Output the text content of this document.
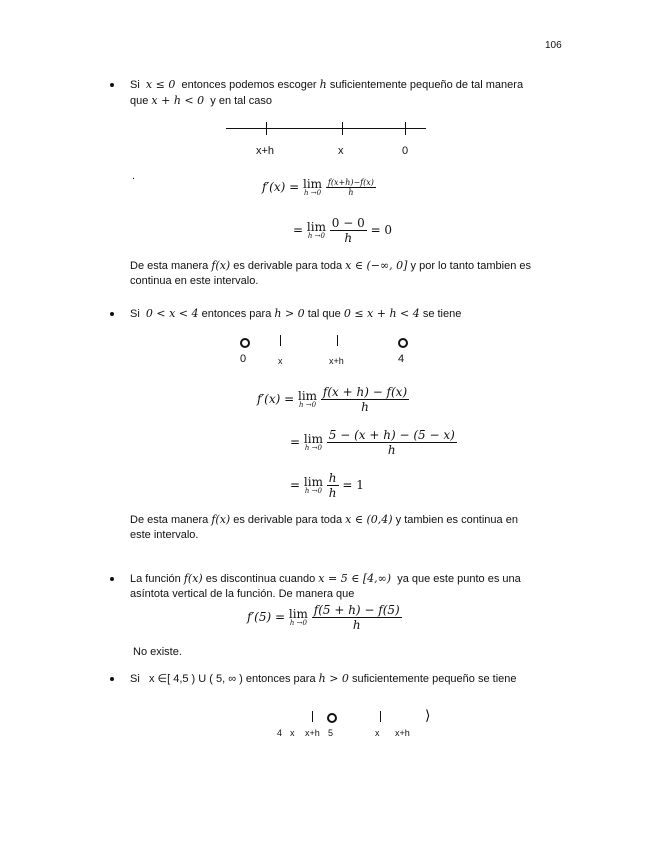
106
Si x ≤ 0 entonces podemos escoger h suficientemente pequeño de tal manera
que x + h < 0 y en tal caso
x+h	x	0
.
f′(x) = lim
h →0
$\frac{f(x+h)-f(x)}{h}$
= lim
h →0
$\frac{0 - 0}{h} = 0$
De esta manera f(x) es derivable para toda x ∈ (−∞, 0] y por lo tanto tambien es
continua en este intervalo.
Si 0 < x < 4 entonces para h > 0 tal que 0 ≤ x + h < 4 se tiene
0	x	x+h	4
f′(x) = lim
h →0
$\frac{f(x + h) - f(x)}{h}$
= lim
h →0
$\frac{5 - (x + h) - (5 - x)}{h}$
= lim
h →0
$\frac{h}{h} = 1$
De esta manera f(x) es derivable para toda x ∈ (0,4) y tambien es continua en
este intervalo.
La función f(x) es discontinua cuando x = 5 ∈ [4,∞) ya que este punto es una
asíntota vertical de la función. De manera que
f′(5) = lim
h →0
$\frac{f(5 + h) - f(5)}{h}$
No existe.
Si x ∈[ 4,5 ) U ( 5, ∞ ) entonces para h > 0 suficientemente pequeño se tiene
⟩
4 x x+h 5	x x+h
